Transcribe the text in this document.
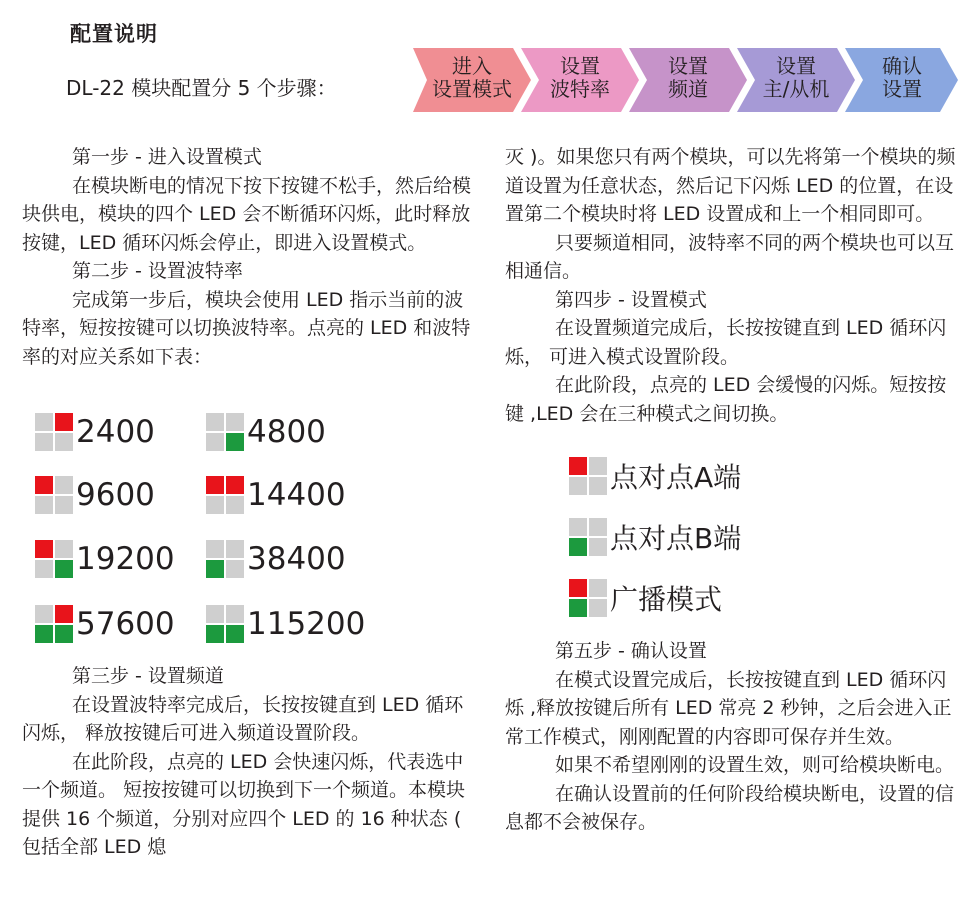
配置说明
DL-22 模块配置分 5 个步骤：
进入
设置模式
设置
波特率
设置
频道
设置
主/从机
确认
设置

第一步 - 进入设置模式

在模块断电的情况下按下按键不松手，然后给模块供电，模块的四个 LED 会不断循环闪烁，此时释放按键，LED 循环闪烁会停止，即进入设置模式。

第二步 - 设置波特率

完成第一步后，模块会使用 LED 指示当前的波特率，短按按键可以切换波特率。点亮的 LED 和波特率的对应关系如下表：

2400	4800
9600	14400
19200 38400
57600 115200

第三步 - 设置频道

在设置波特率完成后，长按按键直到 LED 循环闪烁， 释放按键后可进入频道设置阶段。

在此阶段，点亮的 LED 会快速闪烁，代表选中一个频道。 短按按键可以切换到下一个频道。本模块提供 16 个频道，分别对应四个 LED 的 16 种状态 ( 包括全部 LED 熄

灭 )。如果您只有两个模块，可以先将第一个模块的频道设置为任意状态，然后记下闪烁 LED 的位置，在设置第二个模块时将 LED 设置成和上一个相同即可。

只要频道相同，波特率不同的两个模块也可以互相通信。

第四步 - 设置模式

在设置频道完成后，长按按键直到 LED 循环闪烁， 可进入模式设置阶段。

在此阶段，点亮的 LED 会缓慢的闪烁。短按按键 ,LED 会在三种模式之间切换。

点对点A端
点对点B端
广播模式

第五步 - 确认设置

在模式设置完成后，长按按键直到 LED 循环闪烁 ,释放按键后所有 LED 常亮 2 秒钟，之后会进入正常工作模式，刚刚配置的内容即可保存并生效。

如果不希望刚刚的设置生效，则可给模块断电。

在确认设置前的任何阶段给模块断电，设置的信息都不会被保存。
